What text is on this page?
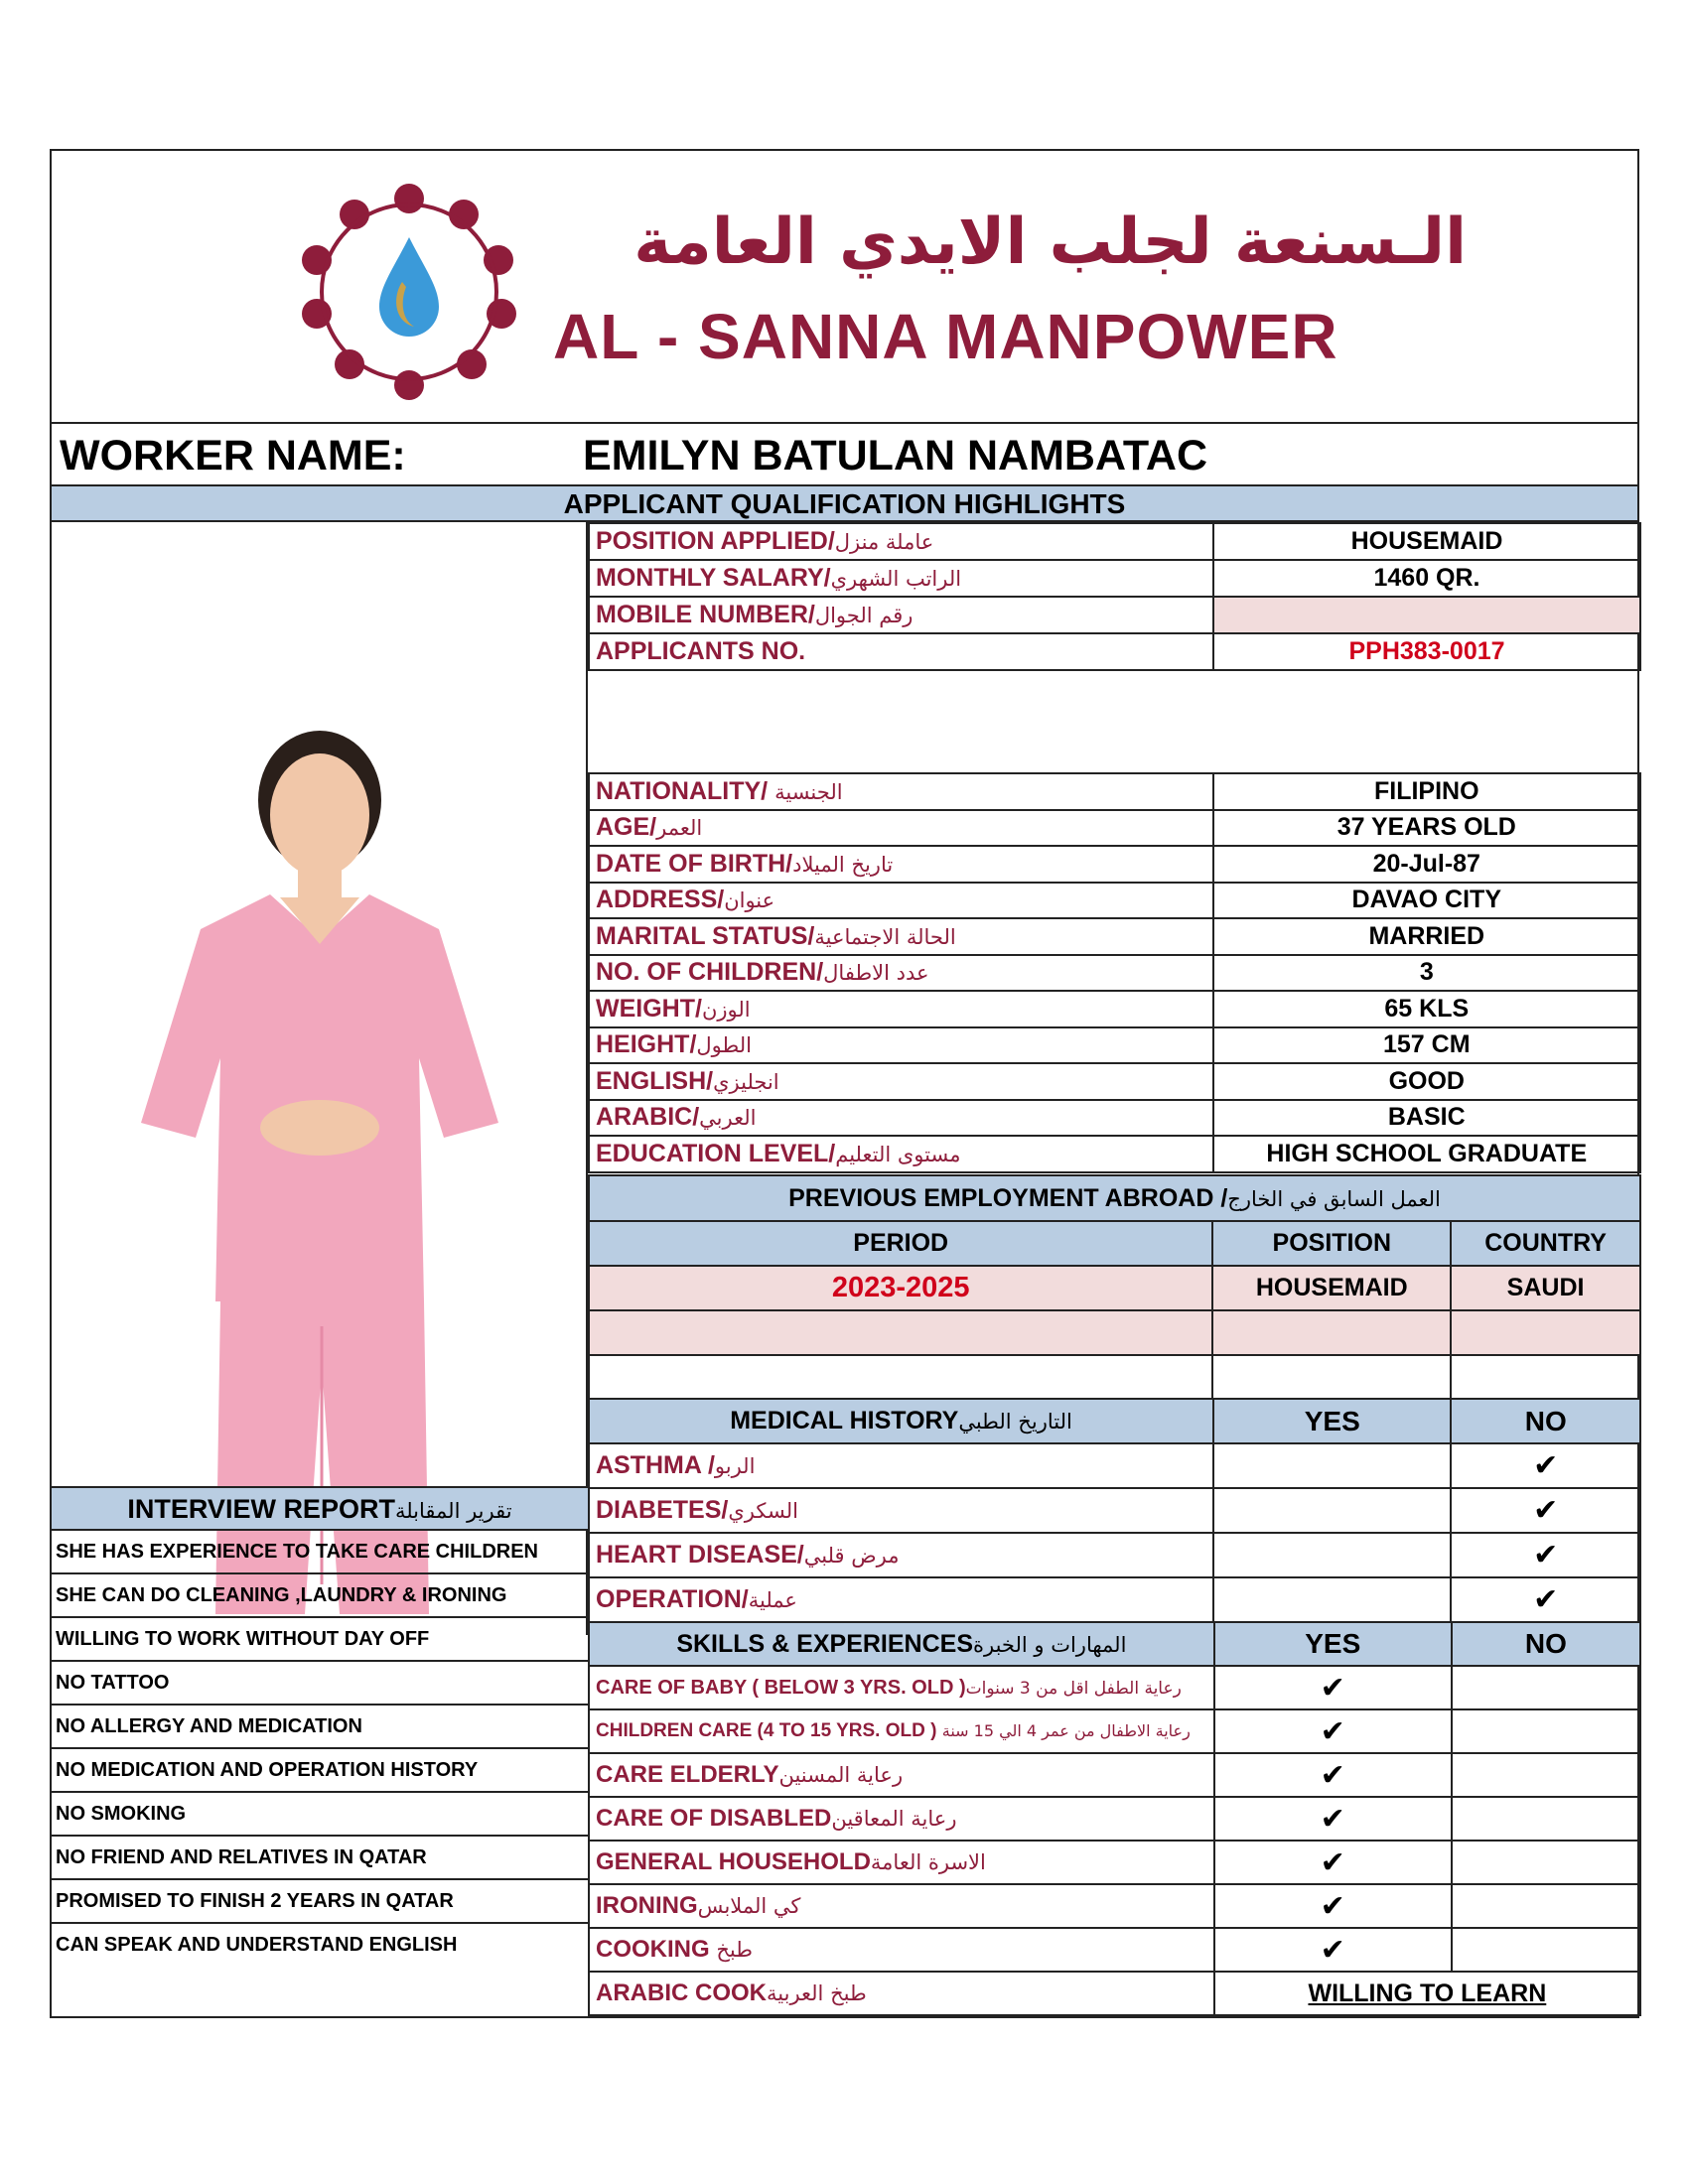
الـسنعة لجلب الايدي العامة
AL - SANNA MANPOWER
WORKER NAME:	EMILYN BATULAN NAMBATAC
APPLICANT QUALIFICATION HIGHLIGHTS
POSITION APPLIED/عاملة منزل	HOUSEMAID
MONTHLY SALARY/الراتب الشهري	1460 QR.
MOBILE NUMBER/رقم الجوال	
APPLICANTS NO.	PPH383-0017
NATIONALITY/ الجنسية	FILIPINO
AGE/العمر	37 YEARS OLD
DATE OF BIRTH/تاريخ الميلاد	20-Jul-87
ADDRESS/عنوان	DAVAO CITY
MARITAL STATUS/الحالة الاجتماعية	MARRIED
NO. OF CHILDREN/عدد الاطفال	3
WEIGHT/الوزن	65 KLS
HEIGHT/الطول	157 CM
ENGLISH/انجليزي	GOOD
ARABIC/العربي	BASIC
EDUCATION LEVEL/مستوى التعليم	HIGH SCHOOL GRADUATE
PREVIOUS EMPLOYMENT ABROAD /العمل السابق في الخارج		
PERIOD	POSITION	COUNTRY
2023-2025	HOUSEMAID	SAUDI

MEDICAL HISTORYالتاريخ الطبي	YES	NO
ASTHMA /الربو		✔
DIABETES/السكري		✔
HEART DISEASE/مرض قلبي		✔
OPERATION/عملية		✔
SKILLS & EXPERIENCESالمهارات و الخبرة	YES	NO
CARE OF BABY ( BELOW 3 YRS. OLD )رعاية الطفل اقل من 3 سنوات	✔	
CHILDREN CARE (4 TO 15 YRS. OLD ) رعاية الاطفال من عمر 4 الي 15 سنة	✔	
CARE ELDERLYرعاية المسنين	✔	
CARE OF DISABLEDرعاية المعاقين	✔	
GENERAL HOUSEHOLDالاسرة العامة	✔	
IRONINGكي الملابس	✔	
COOKING طبخ	✔	
ARABIC COOKطبخ العربية	WILLING TO LEARN	
INTERVIEW REPORTتقرير المقابلة
SHE HAS EXPERIENCE TO TAKE CARE CHILDREN
SHE CAN DO CLEANING ,LAUNDRY & IRONING
WILLING TO WORK WITHOUT DAY OFF
NO TATTOO
NO ALLERGY AND MEDICATION
NO MEDICATION AND OPERATION HISTORY
NO SMOKING
NO FRIEND AND RELATIVES IN QATAR
PROMISED TO FINISH 2 YEARS IN QATAR
CAN SPEAK AND UNDERSTAND ENGLISH
